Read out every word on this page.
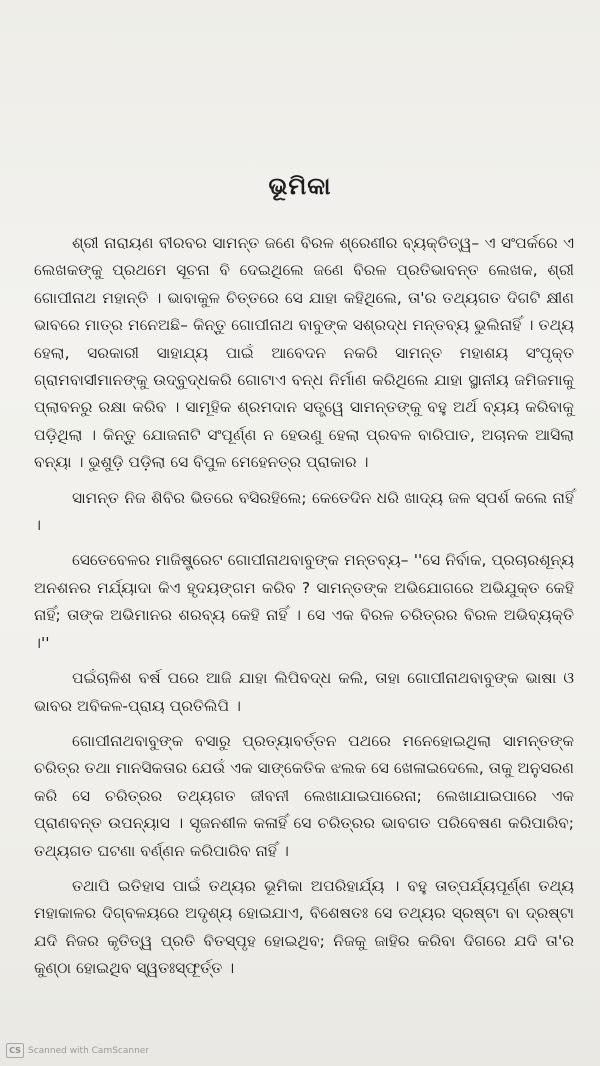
ଭୂମିକା

ଶ୍ରୀ ନାରାୟଣ ବୀରବର ସାମନ୍ତ ଜଣେ ବିରଳ ଶ୍ରେଣୀର ବ୍ୟକ୍ତିତ୍ୱ– ଏ ସଂପର୍କରେ ଏ ଲେଖକଙ୍କୁ ପ୍ରଥମେ ସୂଚନା ବି ଦେଇଥିଲେ ଜଣେ ବିରଳ ପ୍ରତିଭାବନ୍ତ ଲେଖକ, ଶ୍ରୀ ଗୋପୀନାଥ ମହାନ୍ତି । ଭାବାକୁଳ ଚିତ୍ତରେ ସେ ଯାହା କହିଥିଲେ, ତା'ର ତଥ୍ୟଗତ ଦିଗଟି କ୍ଷୀଣ ଭାବରେ ମାତ୍ର ମନେଅଛି– କିନ୍ତୁ ଗୋପୀନାଥ ବାବୁଙ୍କ ସଶ୍ରଦ୍ଧ ମନ୍ତବ୍ୟ ଭୁଲିନାହିଁ । ତଥ୍ୟ ହେଲା, ସରକାରୀ ସାହାଯ୍ୟ ପାଇଁ ଆବେଦନ ନକରି ସାମନ୍ତ ମହାଶୟ ସଂପୃକ୍ତ ଗ୍ରାମବାସୀମାନଙ୍କୁ ଉଦ୍‌ବୁଦ୍ଧକରି ଗୋଟାଏ ବନ୍ଧ ନିର୍ମାଣ କରିଥିଲେ ଯାହା ସ୍ଥାନୀୟ ଜମିଜମାକୁ ପ୍ଲାବନରୁ ରକ୍ଷା କରିବ । ସାମୂହିକ ଶ୍ରମଦାନ ସତ୍ତ୍ୱେ ସାମନ୍ତଙ୍କୁ ବହୁ ଅର୍ଥ ବ୍ୟୟ କରିବାକୁ ପଡ଼ିଥିଲା । କିନ୍ତୁ ଯୋଜନାଟି ସଂପୂର୍ଣ୍ଣ ନ ହେଉଣୁ ହେଲା ପ୍ରବଳ ବାରିପାତ, ଅଚାନକ ଆସିଲା ବନ୍ୟା । ଭୁଶୁଡ଼ି ପଡ଼ିଲା ସେ ବିପୁଳ ମେହେନତ୍‌ର ପ୍ରାକାର ।

ସାମନ୍ତ ନିଜ ଶିବିର ଭିତରେ ବସିରହିଲେ; କେତେଦିନ ଧରି ଖାଦ୍ୟ ଜଳ ସ୍ପର୍ଶ କଲେ ନାହିଁ ।

ସେତେବେଳର ମାଜିଷ୍ଟ୍ରେଟ ଗୋପୀନାଥବାବୁଙ୍କ ମନ୍ତବ୍ୟ– ''ସେ ନିର୍ବାକ, ପ୍ରଚାରଶୂନ୍ୟ ଅନଶନର ମର୍ଯ୍ୟାଦା କିଏ ହୃଦୟଙ୍ଗମ କରିବ ? ସାମନ୍ତଙ୍କ ଅଭିଯୋଗରେ ଅଭିଯୁକ୍ତ କେହି ନାହିଁ; ତାଙ୍କ ଅଭିମାନର ଶରବ୍ୟ କେହି ନାହିଁ । ସେ ଏକ ବିରଳ ଚରିତ୍ରର ବିରଳ ଅଭିବ୍ୟକ୍ତି ।''

ପଇଁଚାଳିଶ ବର୍ଷ ପରେ ଆଜି ଯାହା ଲିପିବଦ୍ଧ କଲି, ତାହା ଗୋପୀନାଥବାବୁଙ୍କ ଭାଷା ଓ ଭାବର ଅବିକଳ-ପ୍ରାୟ ପ୍ରତିଲିପି ।

ଗୋପୀନାଥବାବୁଙ୍କ ବସାରୁ ପ୍ରତ୍ୟାବର୍ତ୍ତନ ପଥରେ ମନେହୋଇଥିଲା ସାମନ୍ତଙ୍କ ଚରିତ୍ର ତଥା ମାନସିକତାର ଯେଉଁ ଏକ ସାଙ୍କେତିକ ଝଲକ ସେ ଖେଳାଇଦେଲେ, ତାକୁ ଅନୁସରଣ କରି ସେ ଚରିତ୍ରର ତଥ୍ୟଗତ ଜୀବନୀ ଲେଖାଯାଇପାରେନା; ଲେଖାଯାଇପାରେ ଏକ ପ୍ରାଣବନ୍ତ ଉପନ୍ୟାସ । ସୃଜନଶୀଳ କଳାହିଁ ସେ ଚରିତ୍ରର ଭାବଗତ ପରିବେଷଣ କରିପାରିବ; ତଥ୍ୟଗତ ଘଟଣା ବର୍ଣ୍ଣନ କରିପାରିବ ନାହିଁ ।

ତଥାପି ଇତିହାସ ପାଇଁ ତଥ୍ୟର ଭୂମିକା ଅପରିହାର୍ଯ୍ୟ । ବହୁ ତାତ୍ପର୍ଯ୍ୟପୂର୍ଣ୍ଣ ତଥ୍ୟ ମହାକାଳର ଦିଗ୍‌ବଳୟରେ ଅଦୃଶ୍ୟ ହୋଇଯାଏ, ବିଶେଷତଃ ସେ ତଥ୍ୟର ସ୍ରଷ୍ଟା ବା ଦ୍ରଷ୍ଟା ଯଦି ନିଜର କୃତିତ୍ୱ ପ୍ରତି ବିତସ୍ପୃହ ହୋଇଥିବ; ନିଜକୁ ଜାହିର କରିବା ଦିଗରେ ଯଦି ତା'ର କୁଣ୍ଠା ହୋଇଥିବ ସ୍ୱତଃସ୍ଫୂର୍ତ୍ତ ।

CS Scanned with CamScanner
